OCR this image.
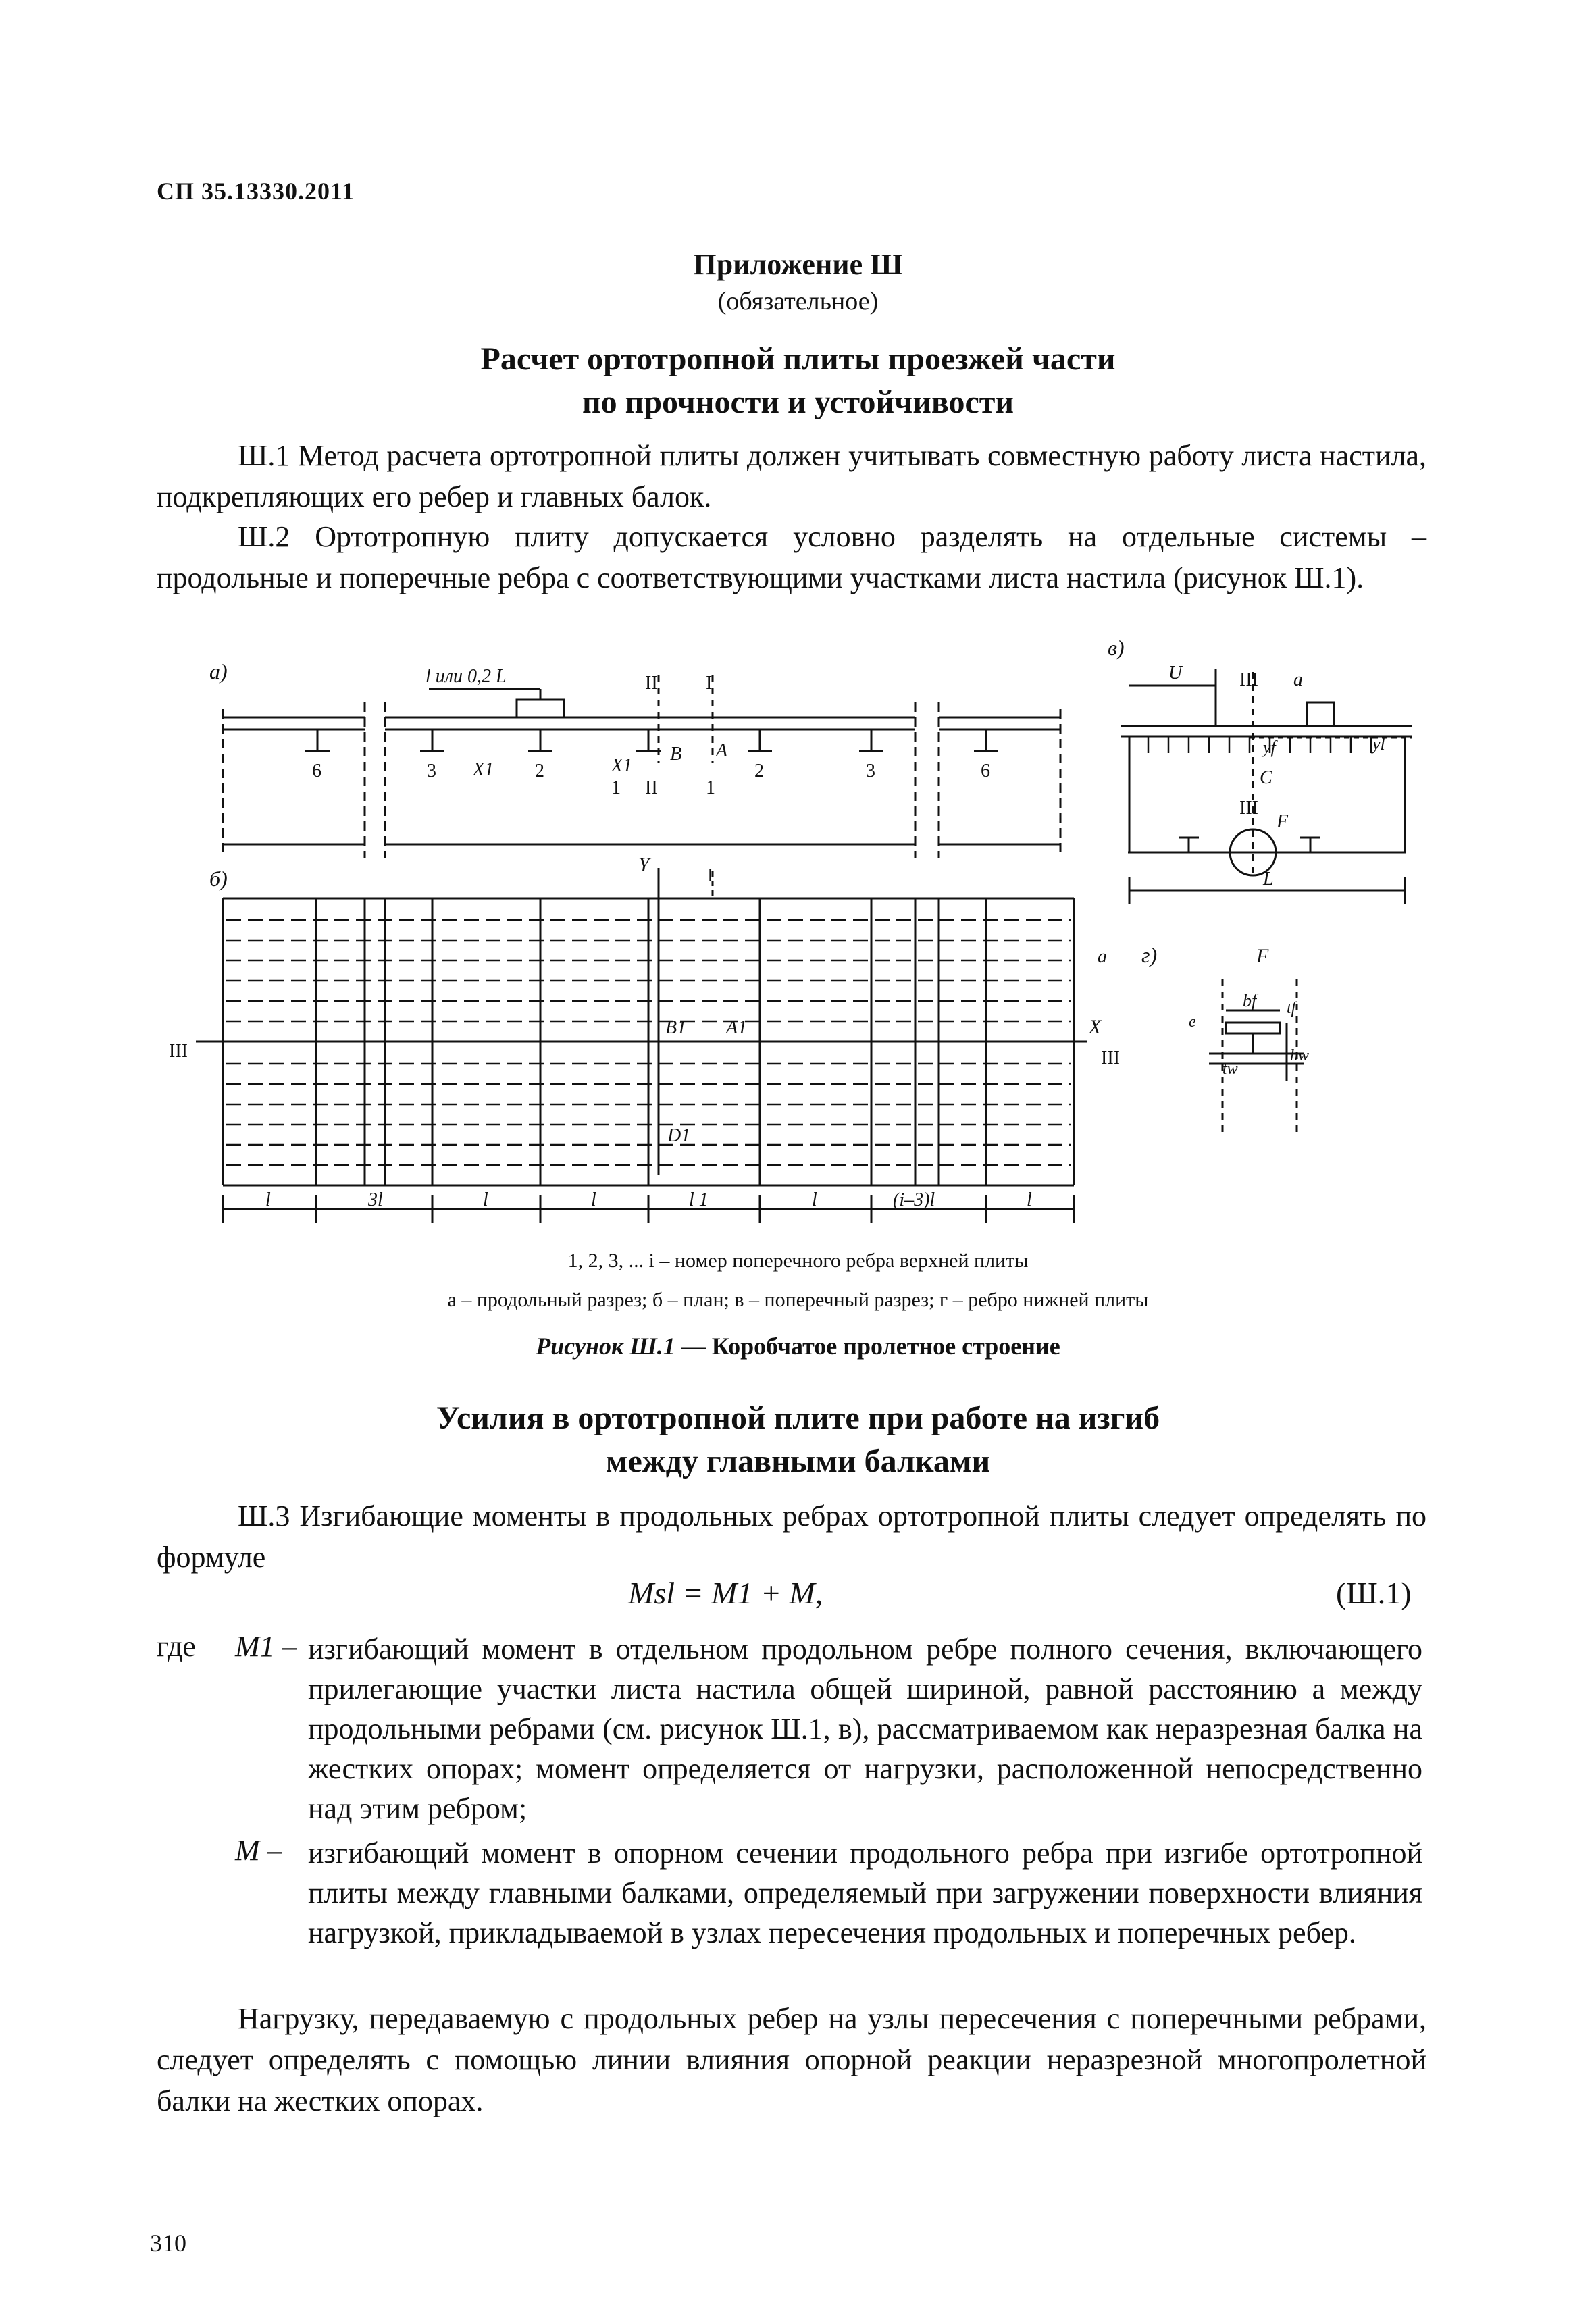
СП 35.13330.2011
Приложение Ш
(обязательное)
Расчет ортотропной плиты проезжей части
по прочности и устойчивости
Ш.1 Метод расчета ортотропной плиты должен учитывать совместную работу листа настила, подкрепляющих его ребер и главных балок.
Ш.2 Ортотропную плиту допускается условно разделять на отдельные системы – продольные и поперечные ребра с соответствующими участками листа настила (рисунок Ш.1).
а)
б)
в)
г)
l или 0,2 L	II	I
6	3 X1 2	X1
1
B A
II	1
2	3	6
Y	I
III	III
X
B1 A1
D1
a
l	3l	l	l	l 1	l	(i–3)l	l
U	III a
yf	yl
C
III
F
L
F
bf tf
tw
hw
e
1, 2, 3, ... i – номер поперечного ребра верхней плиты
а – продольный разрез; б – план; в – поперечный разрез; г – ребро нижней плиты
Рисунок Ш.1 — Коробчатое пролетное строение
Усилия в ортотропной плите при работе на изгиб
между главными балками
Ш.3 Изгибающие моменты в продольных ребрах ортотропной плиты следует определять по формуле
Msl = M1 + M,	(Ш.1)
где M1 – изгибающий момент в отдельном продольном ребре полного сечения, включающего прилегающие участки листа настила общей шириной, равной расстоянию a между продольными ребрами (см. рисунок Ш.1, в), рассматриваемом как неразрезная балка на жестких опорах; момент определяется от нагрузки, расположенной непосредственно над этим ребром;
M – изгибающий момент в опорном сечении продольного ребра при изгибе ортотропной плиты между главными балками, определяемый при загружении поверхности влияния нагрузкой, прикладываемой в узлах пересечения продольных и поперечных ребер.
Нагрузку, передаваемую с продольных ребер на узлы пересечения с поперечными ребрами, следует определять с помощью линии влияния опорной реакции неразрезной многопролетной балки на жестких опорах.
310
